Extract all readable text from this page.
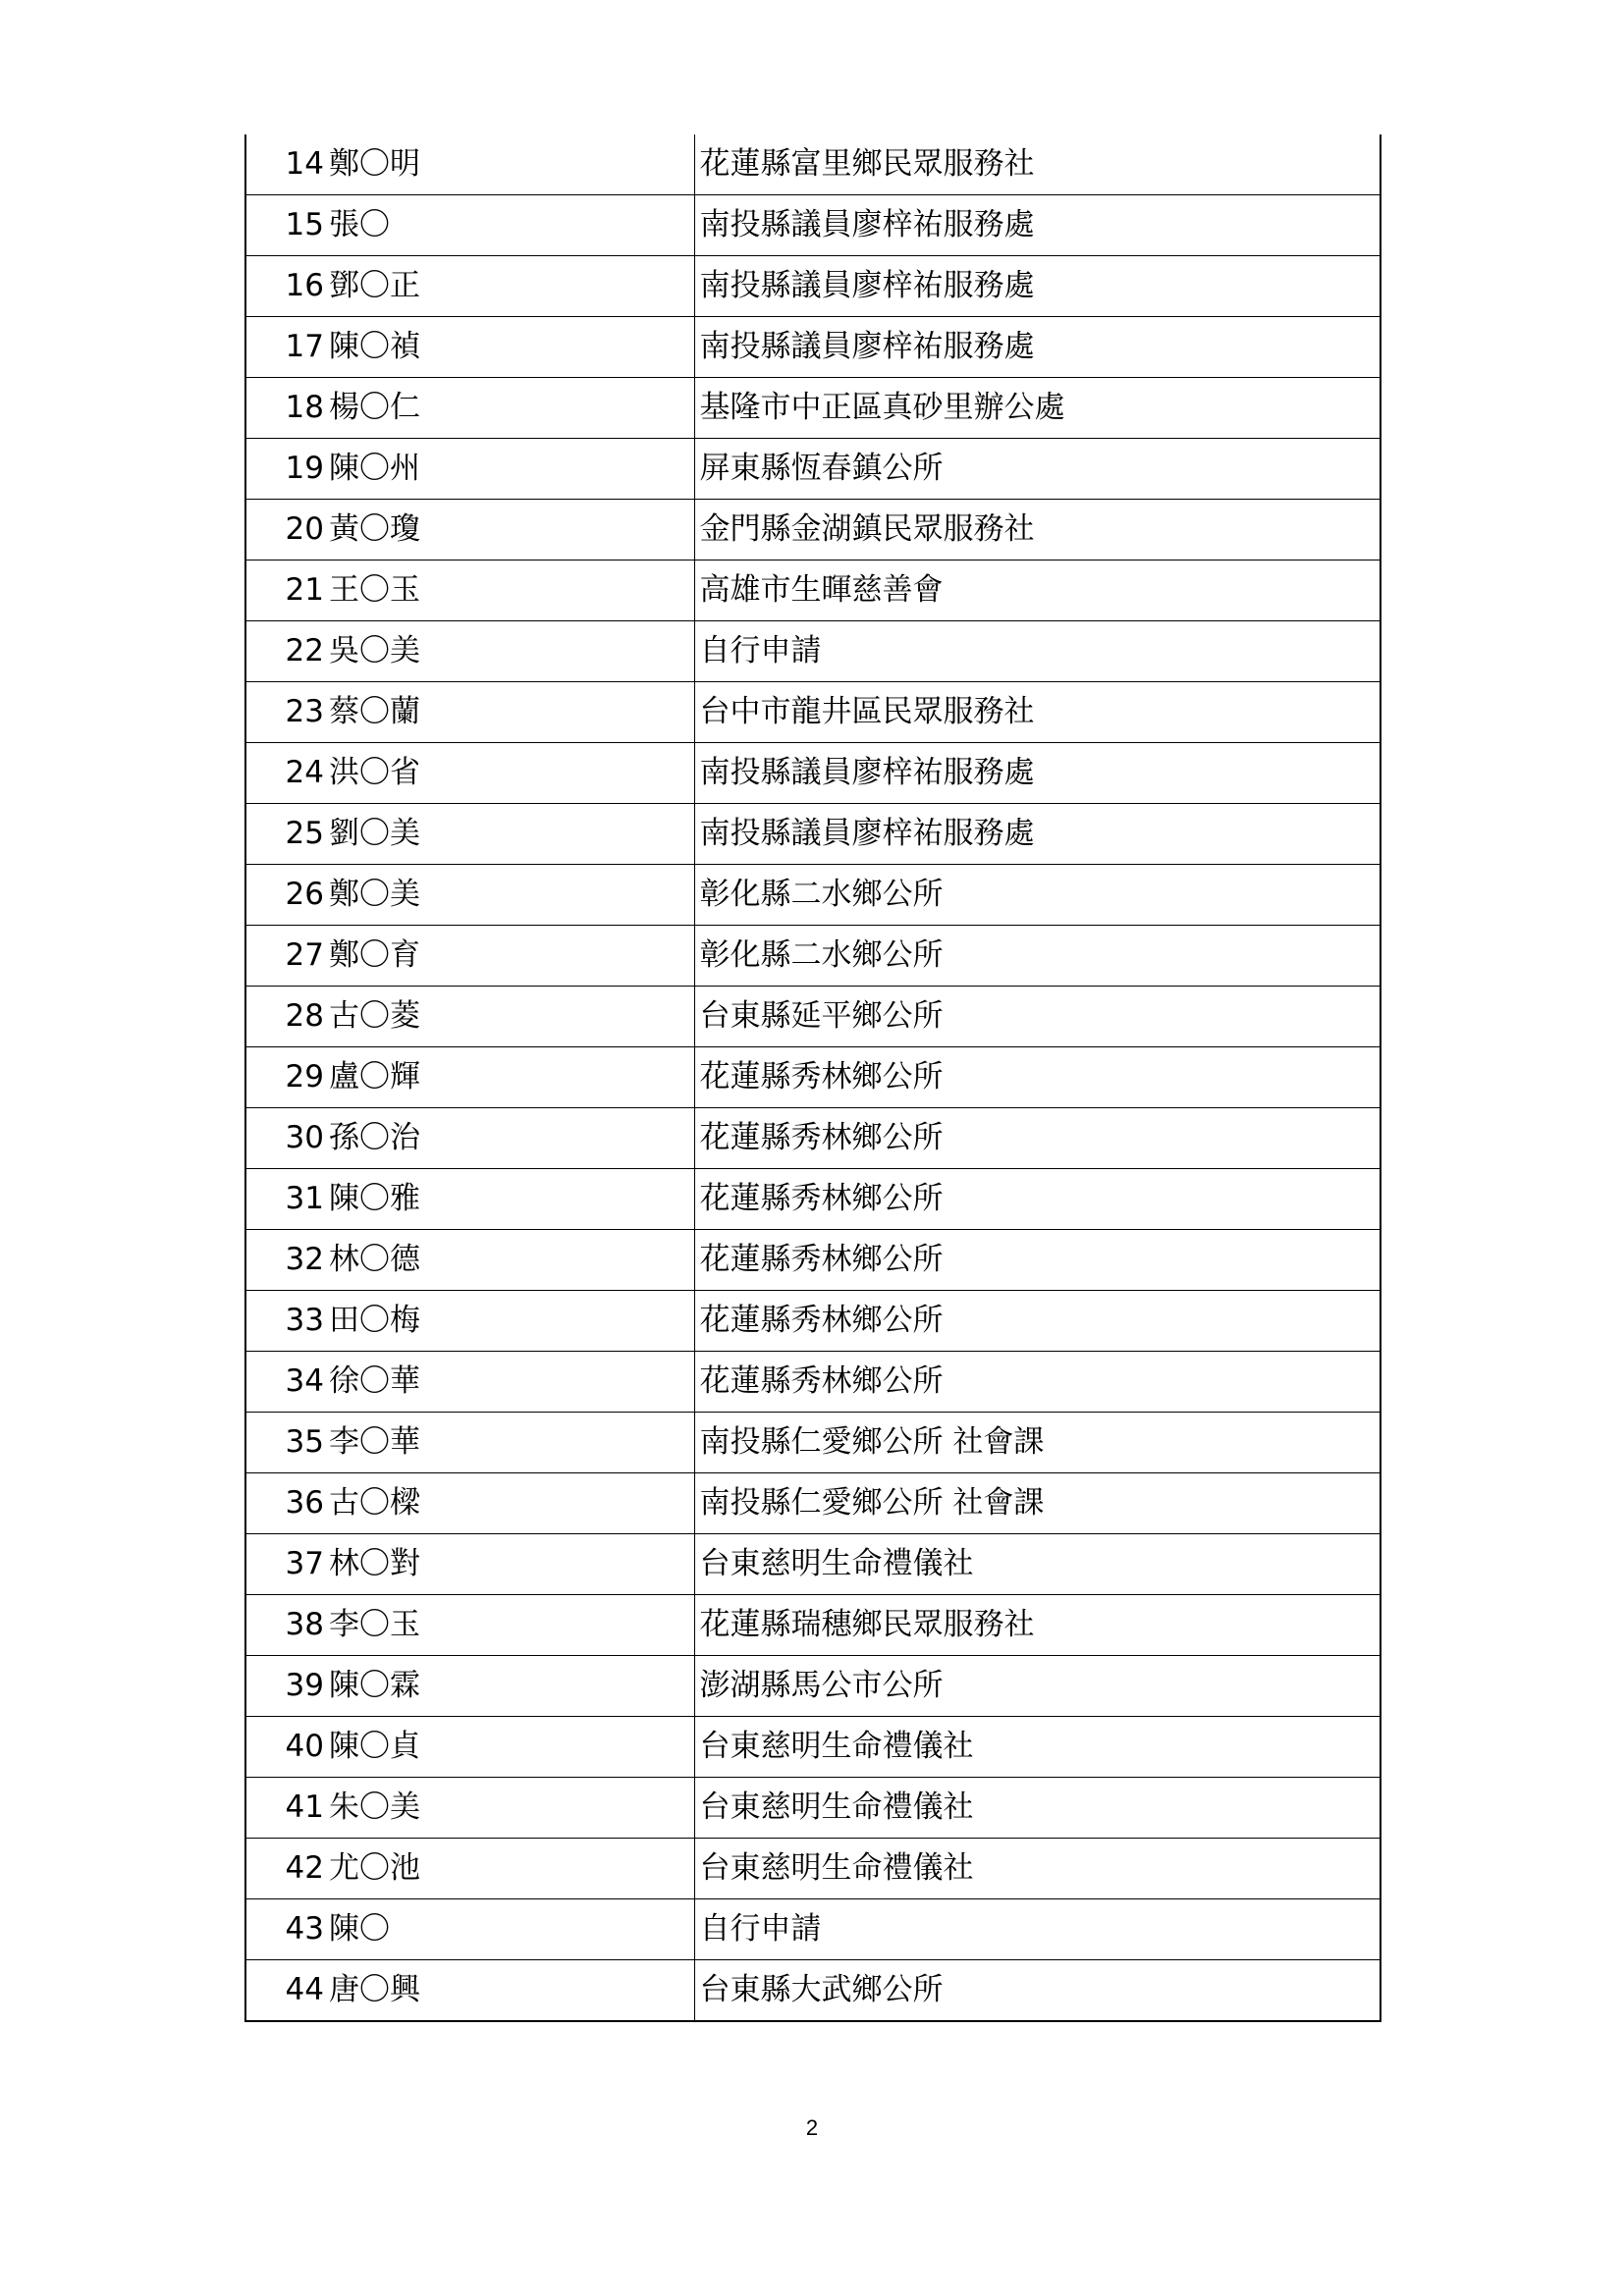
14	鄭〇明	花蓮縣富里鄉民眾服務社
15	張〇	南投縣議員廖梓祐服務處
16	鄧〇正	南投縣議員廖梓祐服務處
17	陳〇禎	南投縣議員廖梓祐服務處
18	楊〇仁	基隆市中正區真砂里辦公處
19	陳〇州	屏東縣恆春鎮公所
20	黃〇瓊	金門縣金湖鎮民眾服務社
21	王〇玉	高雄市生暉慈善會
22	吳〇美	自行申請
23	蔡〇蘭	台中市龍井區民眾服務社
24	洪〇省	南投縣議員廖梓祐服務處
25	劉〇美	南投縣議員廖梓祐服務處
26	鄭〇美	彰化縣二水鄉公所
27	鄭〇育	彰化縣二水鄉公所
28	古〇菱	台東縣延平鄉公所
29	盧〇輝	花蓮縣秀林鄉公所
30	孫〇治	花蓮縣秀林鄉公所
31	陳〇雅	花蓮縣秀林鄉公所
32	林〇德	花蓮縣秀林鄉公所
33	田〇梅	花蓮縣秀林鄉公所
34	徐〇華	花蓮縣秀林鄉公所
35	李〇華	南投縣仁愛鄉公所 社會課
36	古〇樑	南投縣仁愛鄉公所 社會課
37	林〇對	台東慈明生命禮儀社
38	李〇玉	花蓮縣瑞穗鄉民眾服務社
39	陳〇霖	澎湖縣馬公市公所
40	陳〇貞	台東慈明生命禮儀社
41	朱〇美	台東慈明生命禮儀社
42	尤〇池	台東慈明生命禮儀社
43	陳〇	自行申請
44	唐〇興	台東縣大武鄉公所
2
